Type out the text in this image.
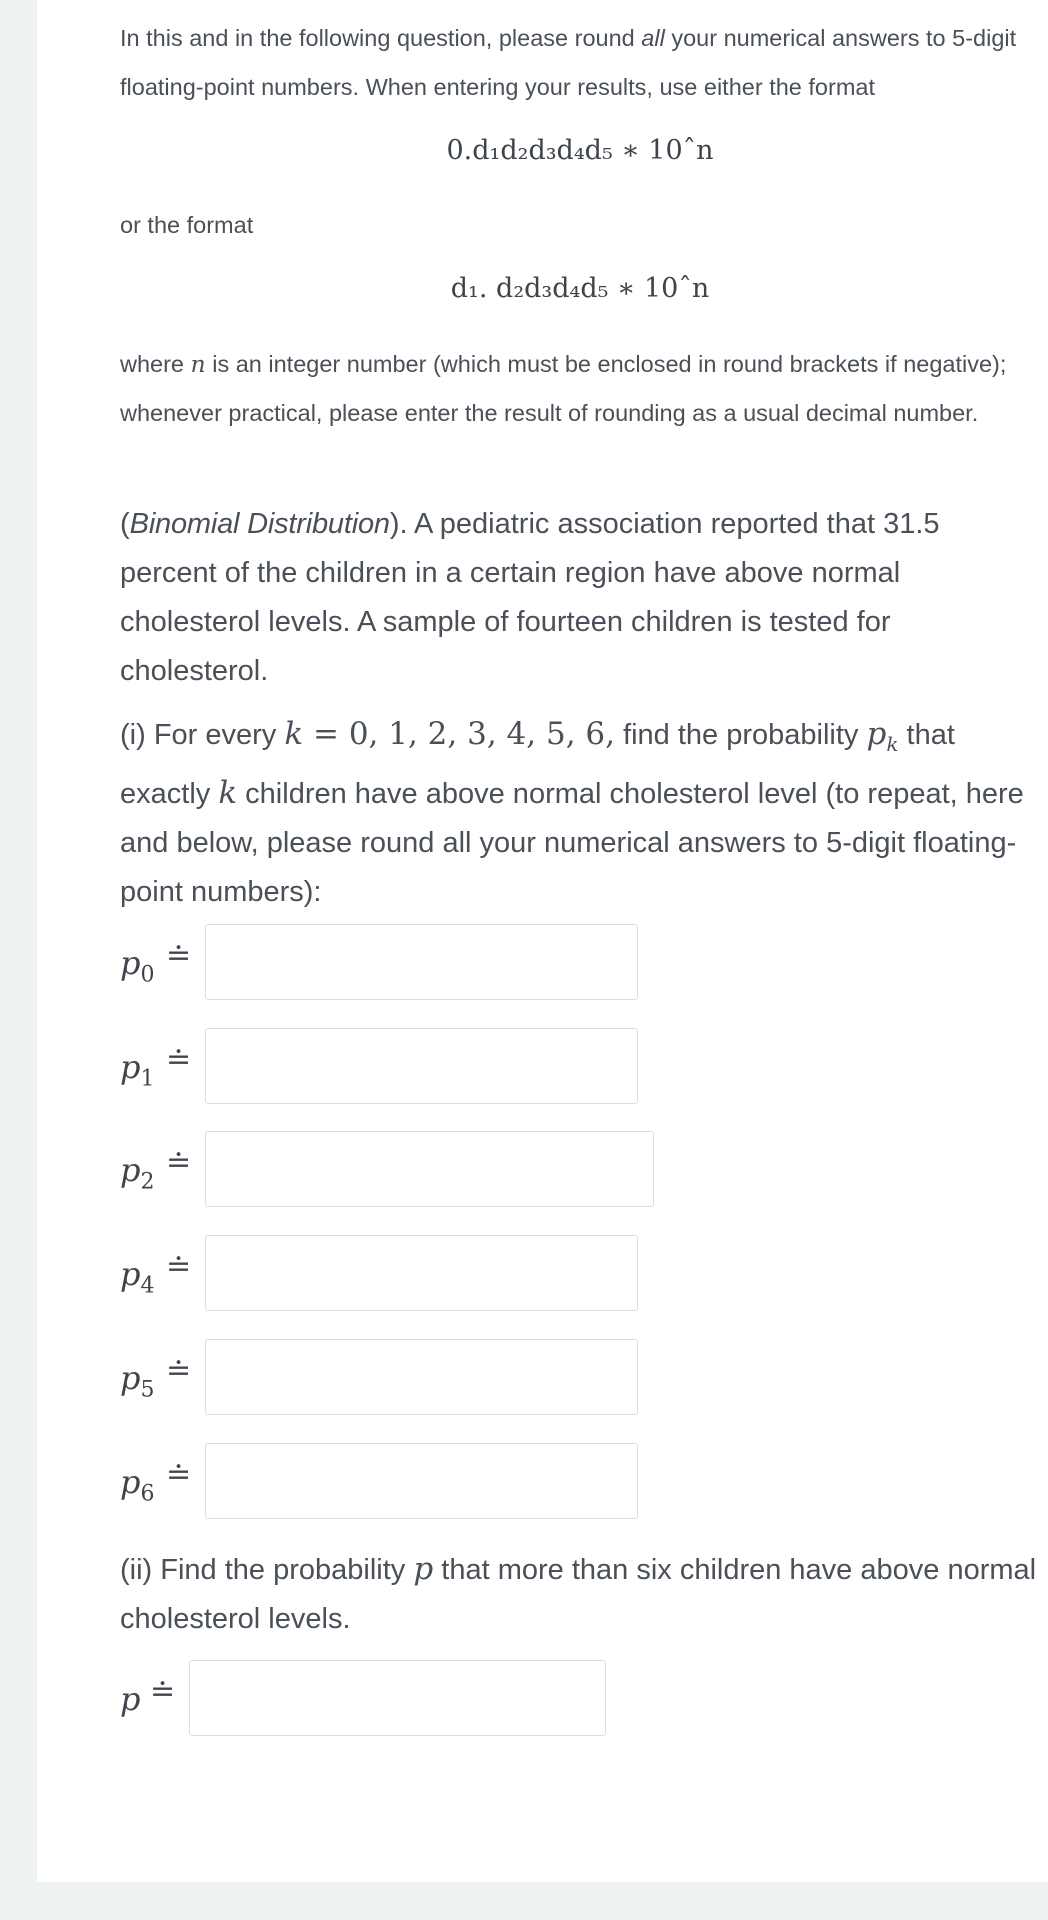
In this and in the following question, please round all your numerical answers to 5-digit floating-point numbers. When entering your results, use either the format

0.d₁d₂d₃d₄d₅ ∗ 10ˆn

or the format

d₁. d₂d₃d₄d₅ ∗ 10ˆn

where n is an integer number (which must be enclosed in round brackets if negative); whenever practical, please enter the result of rounding as a usual decimal number.

(Binomial Distribution). A pediatric association reported that 31.5 percent of the children in a certain region have above normal cholesterol levels. A sample of fourteen children is tested for cholesterol.

(i) For every k = 0, 1, 2, 3, 4, 5, 6, find the probability $p_k$ that exactly k children have above normal cholesterol level (to repeat, here and below, please round all your numerical answers to 5-digit floating-point numbers):

$p_0$
≐
$p_1$
≐
$p_2$
≐
$p_4$
≐
$p_5$
≐
$p_6$
≐

(ii) Find the probability p that more than six children have above normal cholesterol levels.

p ≐
